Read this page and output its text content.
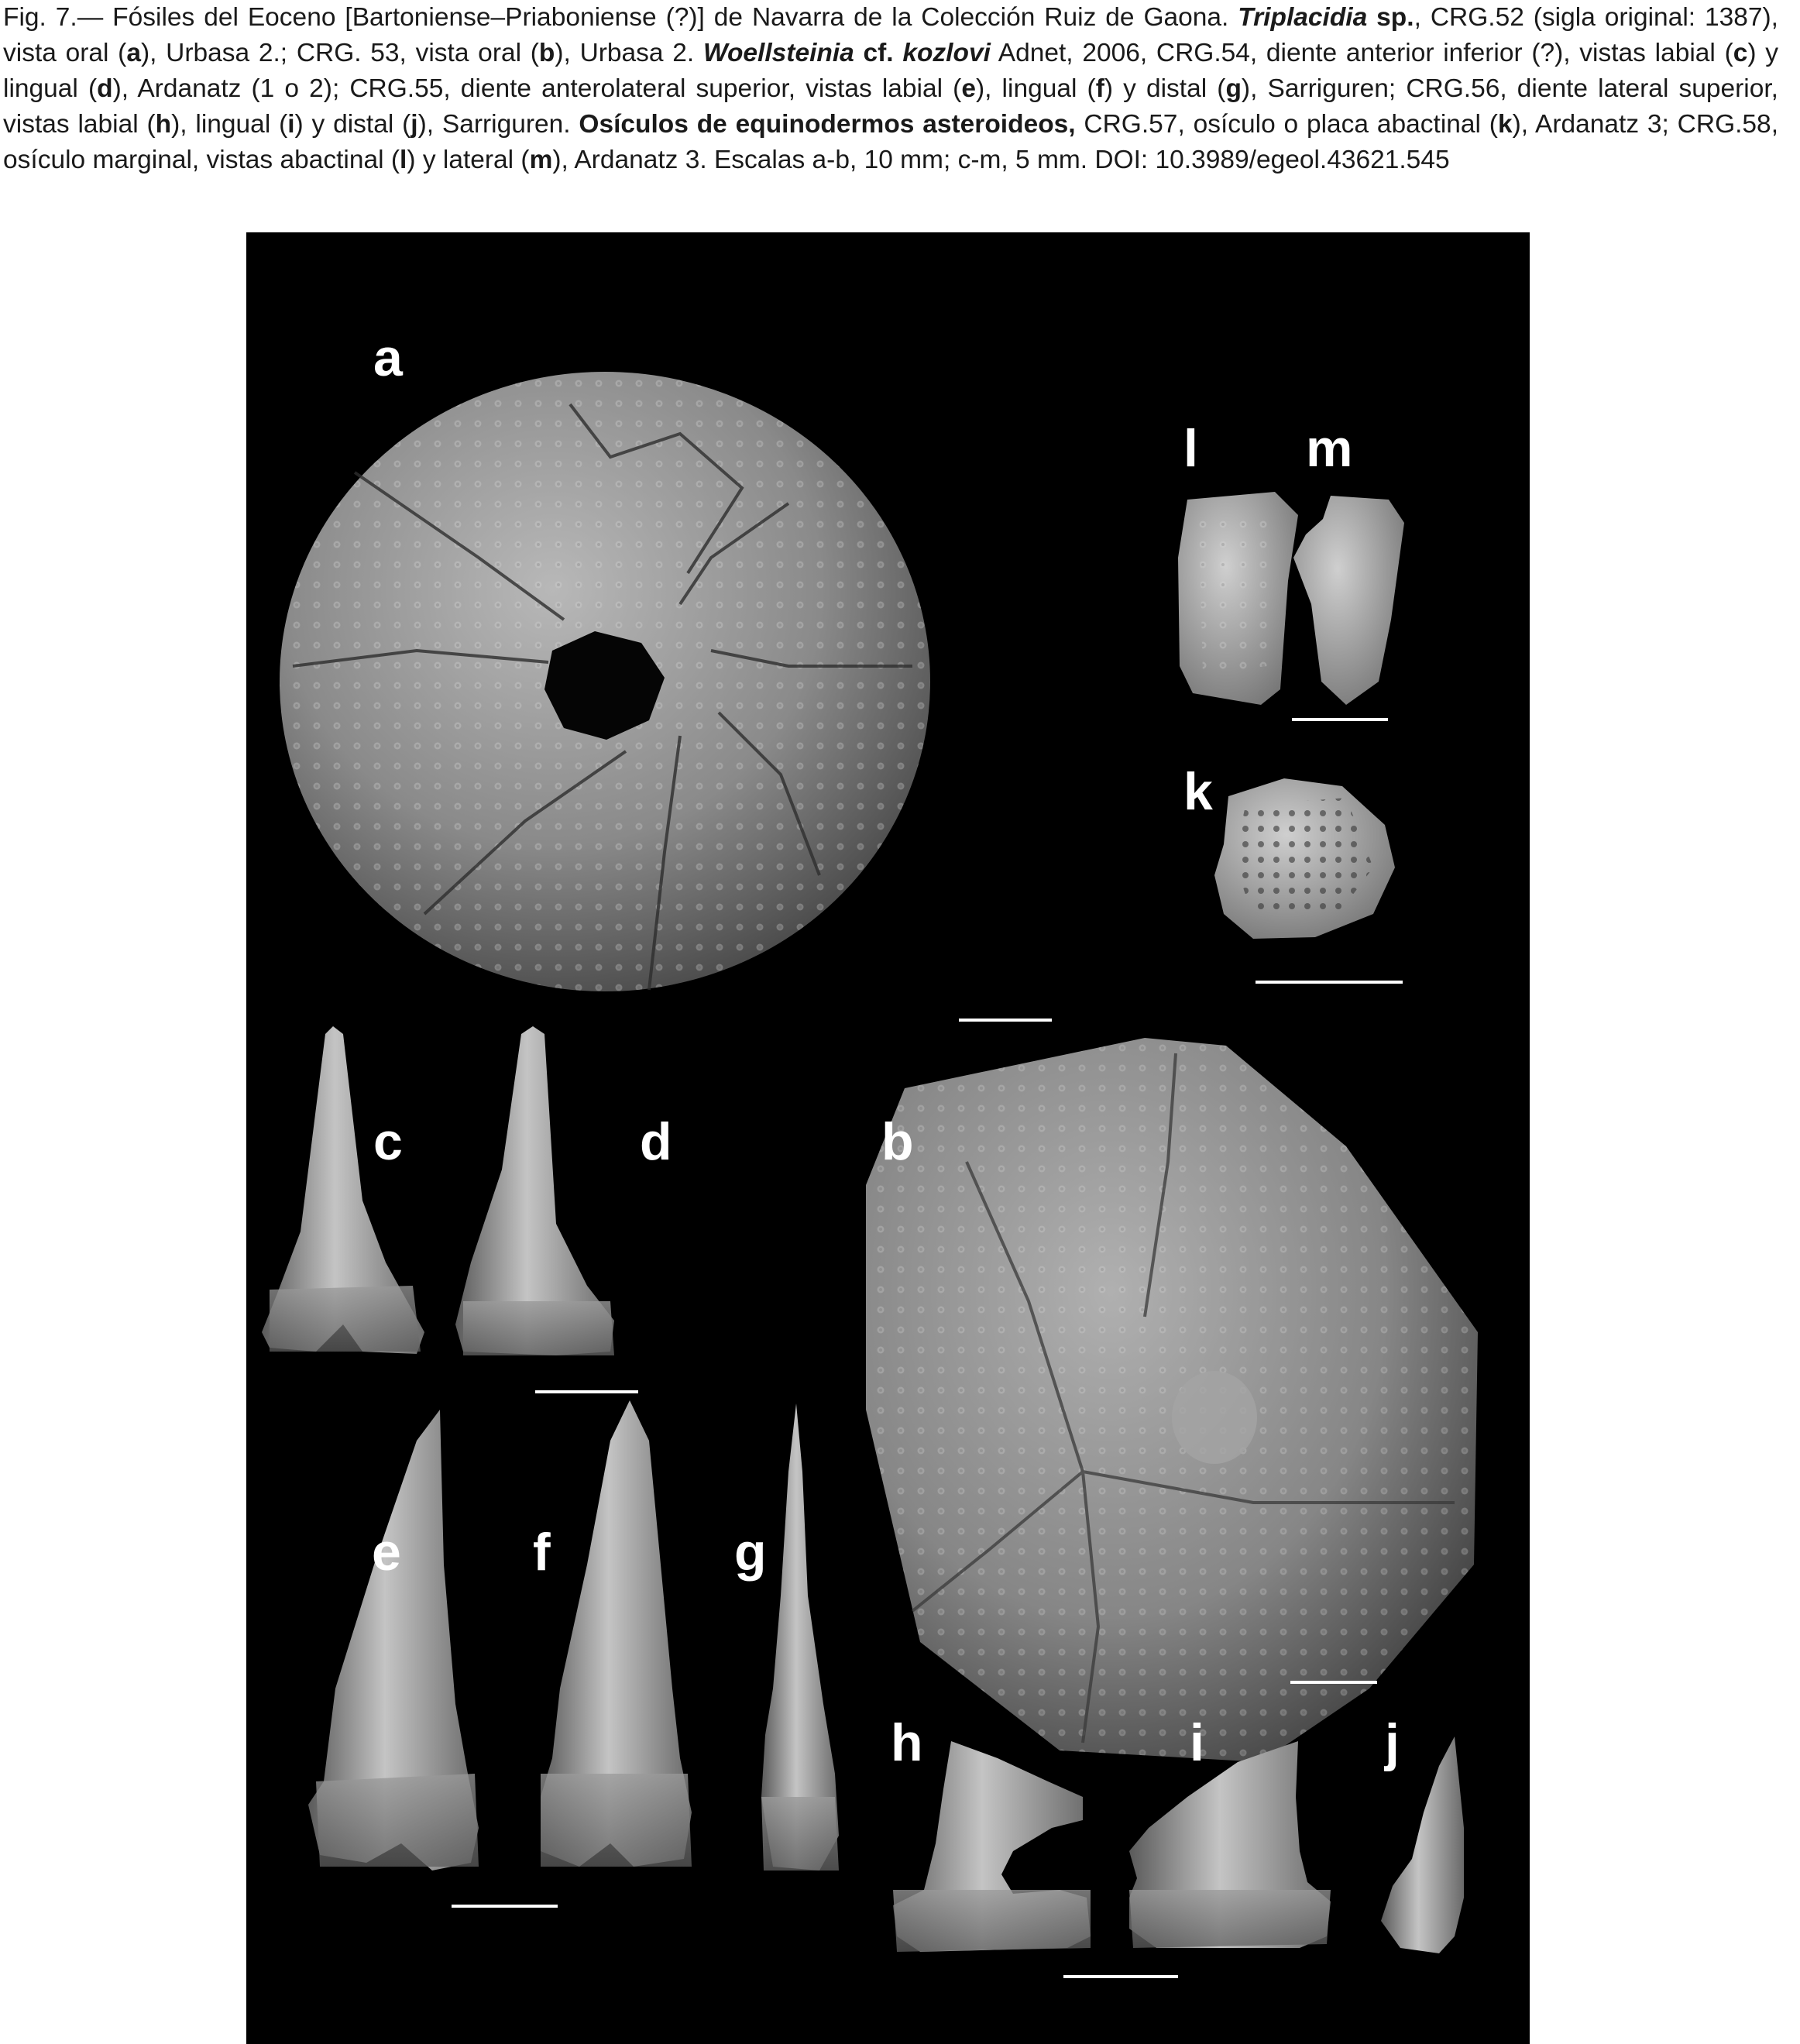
Fig. 7.— Fósiles del Eoceno [Bartoniense–Priaboniense (?)] de Navarra de la Colección Ruiz de Gaona. Triplacidia sp., CRG.52 (sigla original: 1387), vista oral (a), Urbasa 2.; CRG. 53, vista oral (b), Urbasa 2. Woellsteinia cf. kozlovi Adnet, 2006, CRG.54, diente anterior inferior (?), vistas labial (c) y lingual (d), Ardanatz (1 o 2); CRG.55, diente anterolateral superior, vistas labial (e), lingual (f) y distal (g), Sarriguren; CRG.56, diente lateral superior, vistas labial (h), lingual (i) y distal (j), Sarriguren. Osículos de equinodermos asteroideos, CRG.57, osículo o placa abactinal (k), Ardanatz 3; CRG.58, osículo marginal, vistas abactinal (l) y lateral (m), Ardanatz 3. Escalas a-b, 10 mm; c-m, 5 mm. DOI: 10.3989/egeol.43621.545
a
l m
k
c	d	b
e	f	g
h	i	j
